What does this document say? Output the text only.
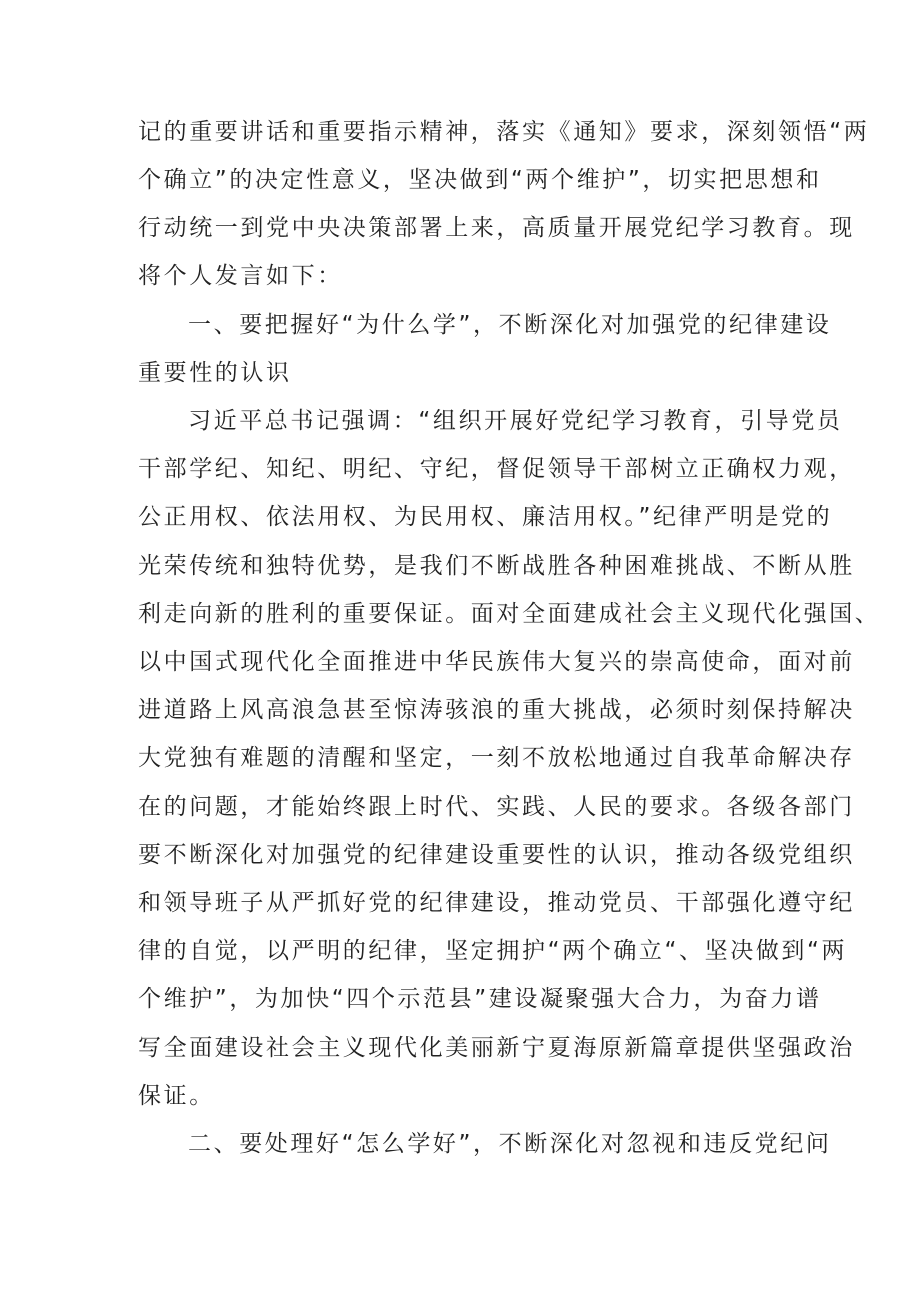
记的重要讲话和重要指示精神，落实《通知》要求，深刻领悟“两

个确立”的决定性意义，坚决做到“两个维护”，切实把思想和

行动统一到党中央决策部署上来，高质量开展党纪学习教育。现

将个人发言如下：

一、要把握好“为什么学”，不断深化对加强党的纪律建设

重要性的认识

习近平总书记强调：“组织开展好党纪学习教育，引导党员

干部学纪、知纪、明纪、守纪，督促领导干部树立正确权力观，

公正用权、依法用权、为民用权、廉洁用权。”纪律严明是党的

光荣传统和独特优势，是我们不断战胜各种困难挑战、不断从胜

利走向新的胜利的重要保证。面对全面建成社会主义现代化强国、

以中国式现代化全面推进中华民族伟大复兴的崇高使命，面对前

进道路上风高浪急甚至惊涛骇浪的重大挑战，必须时刻保持解决

大党独有难题的清醒和坚定，一刻不放松地通过自我革命解决存

在的问题，才能始终跟上时代、实践、人民的要求。各级各部门

要不断深化对加强党的纪律建设重要性的认识，推动各级党组织

和领导班子从严抓好党的纪律建设，推动党员、干部强化遵守纪

律的自觉，以严明的纪律，坚定拥护“两个确立“、坚决做到“两

个维护”，为加快“四个示范县”建设凝聚强大合力，为奋力谱

写全面建设社会主义现代化美丽新宁夏海原新篇章提供坚强政治

保证。

二、要处理好“怎么学好”，不断深化对忽视和违反党纪问
